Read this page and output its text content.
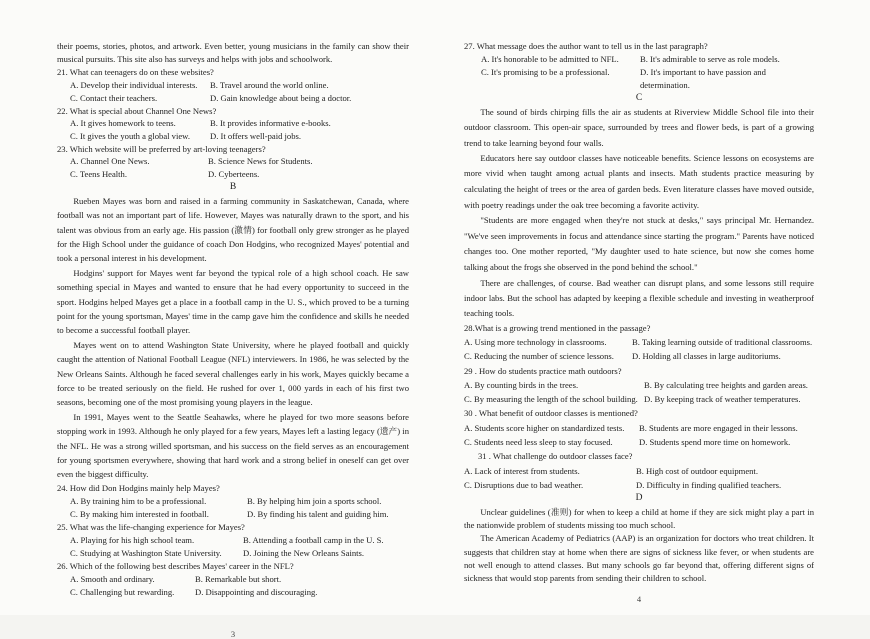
their poems, stories, photos, and artwork. Even better, young musicians in the family can show their musical pursuits. This site also has surveys and helps with jobs and schoolwork.
21. What can teenagers do on these websites?
A. Develop their individual interests.	B. Travel around the world online.
C. Contact their teachers.	D. Gain knowledge about being a doctor.
22. What is special about Channel One News?
A. It gives homework to teens.	B. It provides informative e-books.
C. It gives the youth a global view.	D. It offers well-paid jobs.
23. Which website will be preferred by art-loving teenagers?
A. Channel One News.	B. Science News for Students.
C. Teens Health.	D. Cyberteens.
B
Rueben Mayes was born and raised in a farming community in Saskatchewan, Canada, where football was not an important part of life. However, Mayes was naturally drawn to the sport, and his talent was obvious from an early age. His passion (激情) for football only grew stronger as he played for the High School under the guidance of coach Don Hodgins, who recognized Mayes' potential and took a personal interest in his development.
Hodgins' support for Mayes went far beyond the typical role of a high school coach. He saw something special in Mayes and wanted to ensure that he had every opportunity to succeed in the sport. Hodgins helped Mayes get a place in a football camp in the U. S., which proved to be a turning point for the young sportsman, Mayes' time in the camp gave him the confidence and skills he needed to become a successful football player.
Mayes went on to attend Washington State University, where he played football and quickly caught the attention of National Football League (NFL) interviewers. In 1986, he was selected by the New Orleans Saints. Although he faced several challenges early in his work, Mayes quickly became a force to be treated seriously on the field. He rushed for over 1, 000 yards in each of his first two seasons, becoming one of the most promising young players in the league.
In 1991, Mayes went to the Seattle Seahawks, where he played for two more seasons before stopping work in 1993. Although he only played for a few years, Mayes left a lasting legacy (遗产) in the NFL. He was a strong willed sportsman, and his success on the field serves as an encouragement for young sportsmen everywhere, showing that hard work and a strong belief in oneself can get over even the biggest difficulty.
24. How did Don Hodgins mainly help Mayes?
A. By training him to be a professional.	B. By helping him join a sports school.
C. By making him interested in football.	D. By finding his talent and guiding him.
25. What was the life-changing experience for Mayes?
A. Playing for his high school team.	B. Attending a football camp in the U. S.
C. Studying at Washington State University.	D. Joining the New Orleans Saints.
26. Which of the following best describes Mayes' career in the NFL?
A. Smooth and ordinary.	B. Remarkable but short.
C. Challenging but rewarding.	D. Disappointing and discouraging.
3
27. What message does the author want to tell us in the last paragraph?
A. It's honorable to be admitted to NFL.	B. It's admirable to serve as role models.
C. It's promising to be a professional.	D. It's important to have passion and determination.
C
The sound of birds chirping fills the air as students at Riverview Middle School file into their outdoor classroom. This open-air space, surrounded by trees and flower beds, is part of a growing trend to take learning beyond four walls.
Educators here say outdoor classes have noticeable benefits. Science lessons on ecosystems are more vivid when taught among actual plants and insects. Math students practice measuring by calculating the height of trees or the area of garden beds. Even literature classes have moved outside, with poetry readings under the oak tree becoming a favorite activity.
"Students are more engaged when they're not stuck at desks," says principal Mr. Hernandez. "We've seen improvements in focus and attendance since starting the program." Parents have noticed changes too. One mother reported, "My daughter used to hate science, but now she comes home talking about the frogs she observed in the pond behind the school."
There are challenges, of course. Bad weather can disrupt plans, and some lessons still require indoor labs. But the school has adapted by keeping a flexible schedule and investing in weatherproof teaching tools.
28.What is a growing trend mentioned in the passage?
A. Using more technology in classrooms.	B. Taking learning outside of traditional classrooms.
C. Reducing the number of science lessons.	D. Holding all classes in large auditoriums.
29 . How do students practice math outdoors?
A. By counting birds in the trees.	B. By calculating tree heights and garden areas.
C. By measuring the length of the school building. D. By keeping track of weather temperatures.
30 . What benefit of outdoor classes is mentioned?
A. Students score higher on standardized tests.	B. Students are more engaged in their lessons.
C. Students need less sleep to stay focused.	D. Students spend more time on homework.
31 . What challenge do outdoor classes face?
A. Lack of interest from students.	B. High cost of outdoor equipment.
C. Disruptions due to bad weather.	D. Difficulty in finding qualified teachers.
D
Unclear guidelines (准则) for when to keep a child at home if they are sick might play a part in the nationwide problem of students missing too much school.
The American Academy of Pediatrics (AAP) is an organization for doctors who treat children. It suggests that children stay at home when there are signs of sickness like fever, or when students are not well enough to attend classes. But many schools go far beyond that, offering different signs of sickness that would stop parents from sending their children to school.
4
